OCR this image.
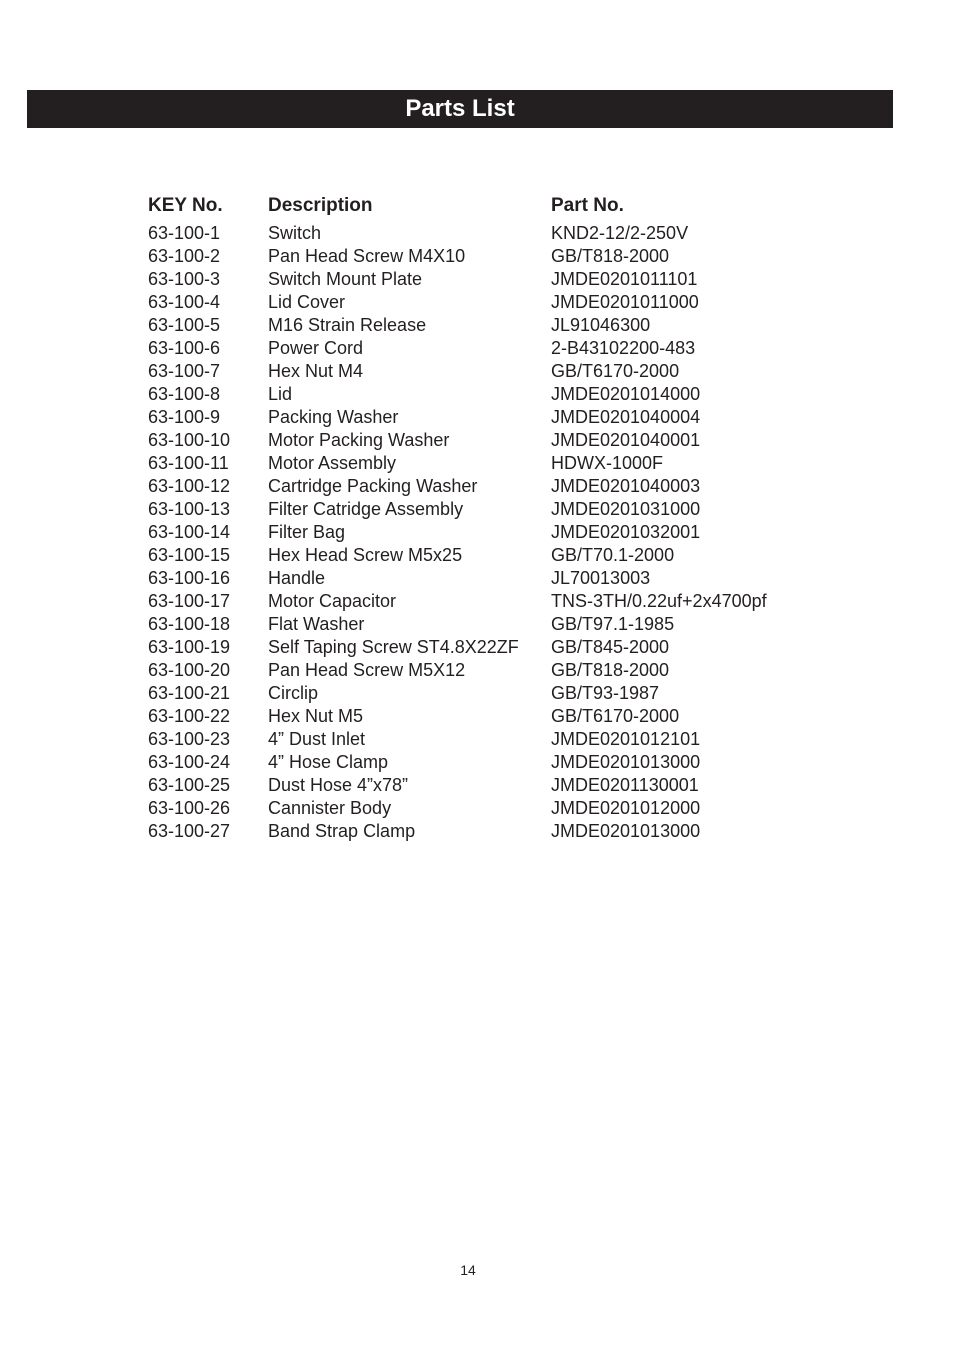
Parts List
KEY No.	Description	Part No.
63-100-1	Switch	KND2-12/2-250V
63-100-2	Pan Head Screw M4X10	GB/T818-2000
63-100-3	Switch Mount Plate	JMDE0201011101
63-100-4	Lid Cover	JMDE0201011000
63-100-5	M16 Strain Release	JL91046300
63-100-6	Power Cord	2-B43102200-483
63-100-7	Hex Nut M4	GB/T6170-2000
63-100-8	Lid	JMDE0201014000
63-100-9	Packing Washer	JMDE0201040004
63-100-10	Motor Packing Washer	JMDE0201040001
63-100-11	Motor Assembly	HDWX-1000F
63-100-12	Cartridge Packing Washer	JMDE0201040003
63-100-13	Filter Catridge Assembly	JMDE0201031000
63-100-14	Filter Bag	JMDE0201032001
63-100-15	Hex Head Screw M5x25	GB/T70.1-2000
63-100-16	Handle	JL70013003
63-100-17	Motor Capacitor	TNS-3TH/0.22uf+2x4700pf
63-100-18	Flat Washer	GB/T97.1-1985
63-100-19	Self Taping Screw ST4.8X22ZF	GB/T845-2000
63-100-20	Pan Head Screw M5X12	GB/T818-2000
63-100-21	Circlip	GB/T93-1987
63-100-22	Hex Nut M5	GB/T6170-2000
63-100-23	4” Dust Inlet	JMDE0201012101
63-100-24	4” Hose Clamp	JMDE0201013000
63-100-25	Dust Hose 4”x78”	JMDE0201130001
63-100-26	Cannister Body	JMDE0201012000
63-100-27	Band Strap Clamp	JMDE0201013000
14
